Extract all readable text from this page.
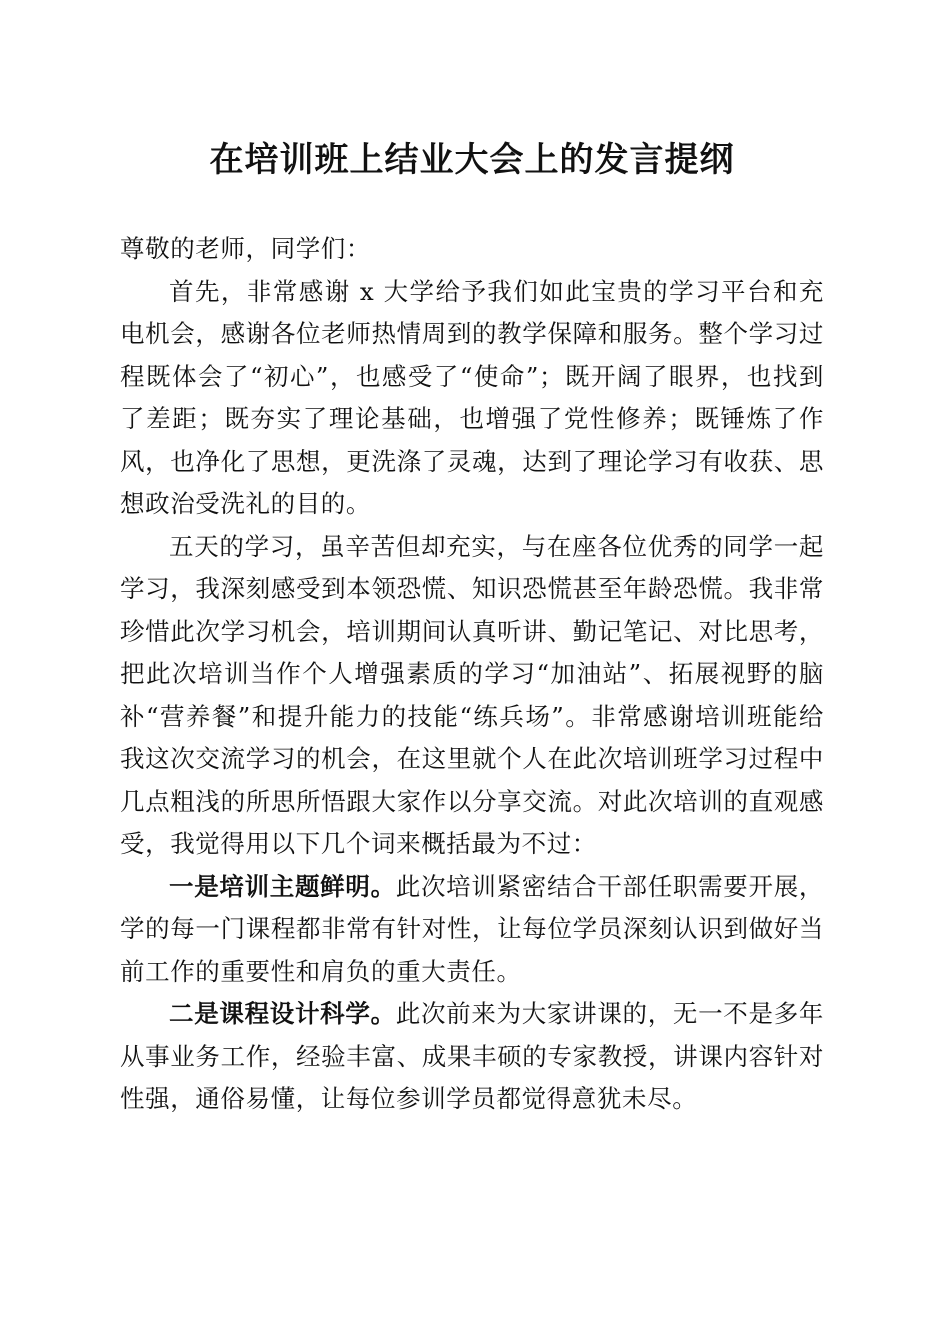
在培训班上结业大会上的发言提纲

尊敬的老师，同学们：

首先，非常感谢 x 大学给予我们如此宝贵的学习平台和充电机会，感谢各位老师热情周到的教学保障和服务。整个学习过程既体会了“初心”，也感受了“使命”；既开阔了眼界，也找到了差距；既夯实了理论基础，也增强了党性修养；既锤炼了作风，也净化了思想，更洗涤了灵魂，达到了理论学习有收获、思想政治受洗礼的目的。

五天的学习，虽辛苦但却充实，与在座各位优秀的同学一起学习，我深刻感受到本领恐慌、知识恐慌甚至年龄恐慌。我非常珍惜此次学习机会，培训期间认真听讲、勤记笔记、对比思考，把此次培训当作个人增强素质的学习“加油站”、拓展视野的脑补“营养餐”和提升能力的技能“练兵场”。非常感谢培训班能给我这次交流学习的机会，在这里就个人在此次培训班学习过程中几点粗浅的所思所悟跟大家作以分享交流。对此次培训的直观感受，我觉得用以下几个词来概括最为不过：

一是培训主题鲜明。此次培训紧密结合干部任职需要开展，学的每一门课程都非常有针对性，让每位学员深刻认识到做好当前工作的重要性和肩负的重大责任。

二是课程设计科学。此次前来为大家讲课的，无一不是多年从事业务工作，经验丰富、成果丰硕的专家教授，讲课内容针对性强，通俗易懂，让每位参训学员都觉得意犹未尽。
